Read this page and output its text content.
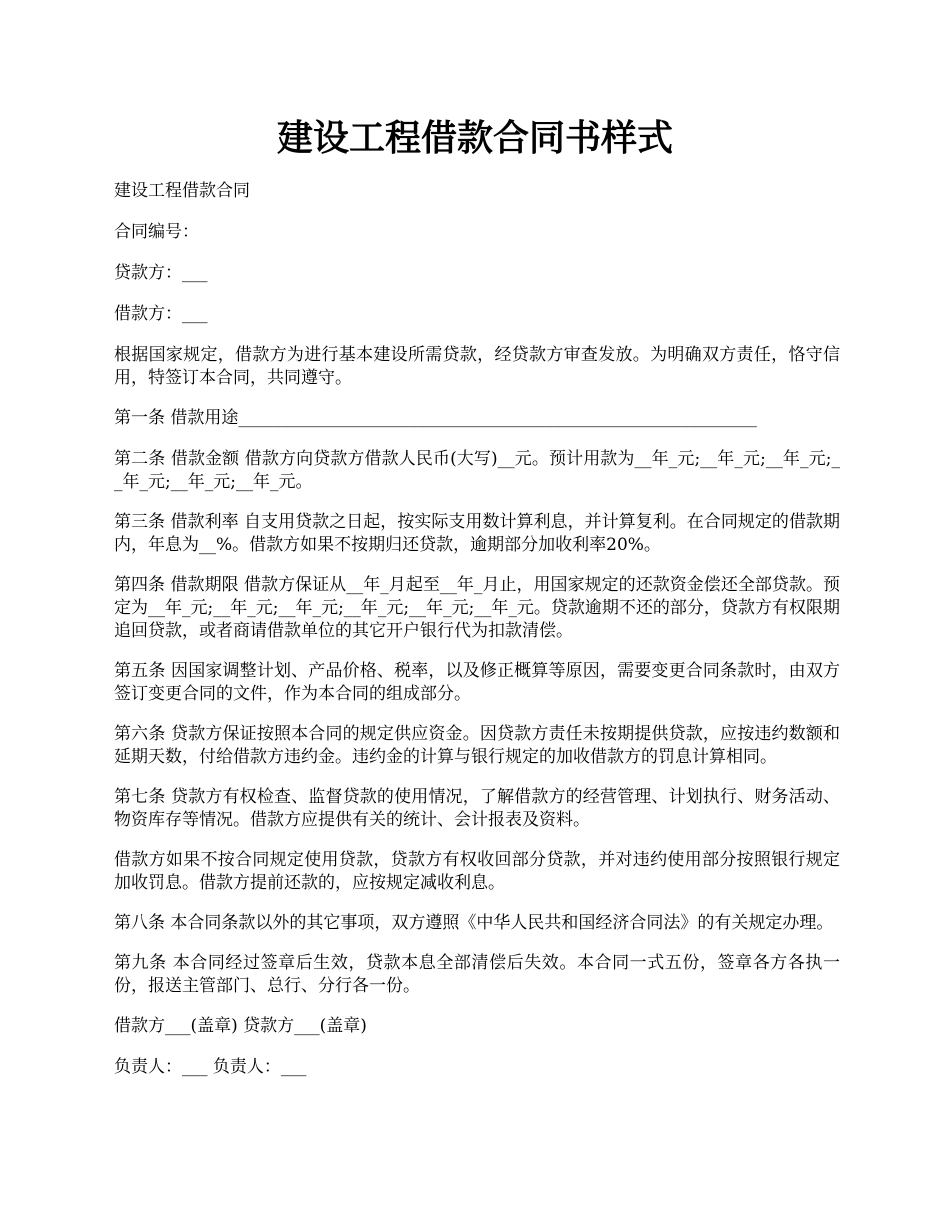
建设工程借款合同书样式

建设工程借款合同

合同编号：

贷款方：___

借款方：___

根据国家规定，借款方为进行基本建设所需贷款，经贷款方审查发放。为明确双方责任，恪守信用，特签订本合同，共同遵守。

第一条 借款用途_____________________________________________________________

第二条 借款金额 借款方向贷款方借款人民币(大写)__元。预计用款为__年_元;__年_元;__年_元;__年_元;__年_元;__年_元。

第三条 借款利率 自支用贷款之日起，按实际支用数计算利息，并计算复利。在合同规定的借款期内，年息为__%。借款方如果不按期归还贷款，逾期部分加收利率20%。

第四条 借款期限 借款方保证从__年_月起至__年_月止，用国家规定的还款资金偿还全部贷款。预定为__年_元;__年_元;__年_元;__年_元;__年_元;__年_元。贷款逾期不还的部分，贷款方有权限期追回贷款，或者商请借款单位的其它开户银行代为扣款清偿。

第五条 因国家调整计划、产品价格、税率，以及修正概算等原因，需要变更合同条款时，由双方签订变更合同的文件，作为本合同的组成部分。

第六条 贷款方保证按照本合同的规定供应资金。因贷款方责任未按期提供贷款，应按违约数额和延期天数，付给借款方违约金。违约金的计算与银行规定的加收借款方的罚息计算相同。

第七条 贷款方有权检查、监督贷款的使用情况，了解借款方的经营管理、计划执行、财务活动、物资库存等情况。借款方应提供有关的统计、会计报表及资料。

借款方如果不按合同规定使用贷款，贷款方有权收回部分贷款，并对违约使用部分按照银行规定加收罚息。借款方提前还款的，应按规定减收利息。

第八条 本合同条款以外的其它事项，双方遵照《中华人民共和国经济合同法》的有关规定办理。

第九条 本合同经过签章后生效，贷款本息全部清偿后失效。本合同一式五份，签章各方各执一份，报送主管部门、总行、分行各一份。

借款方___(盖章) 贷款方___(盖章)

负责人：___ 负责人：___
